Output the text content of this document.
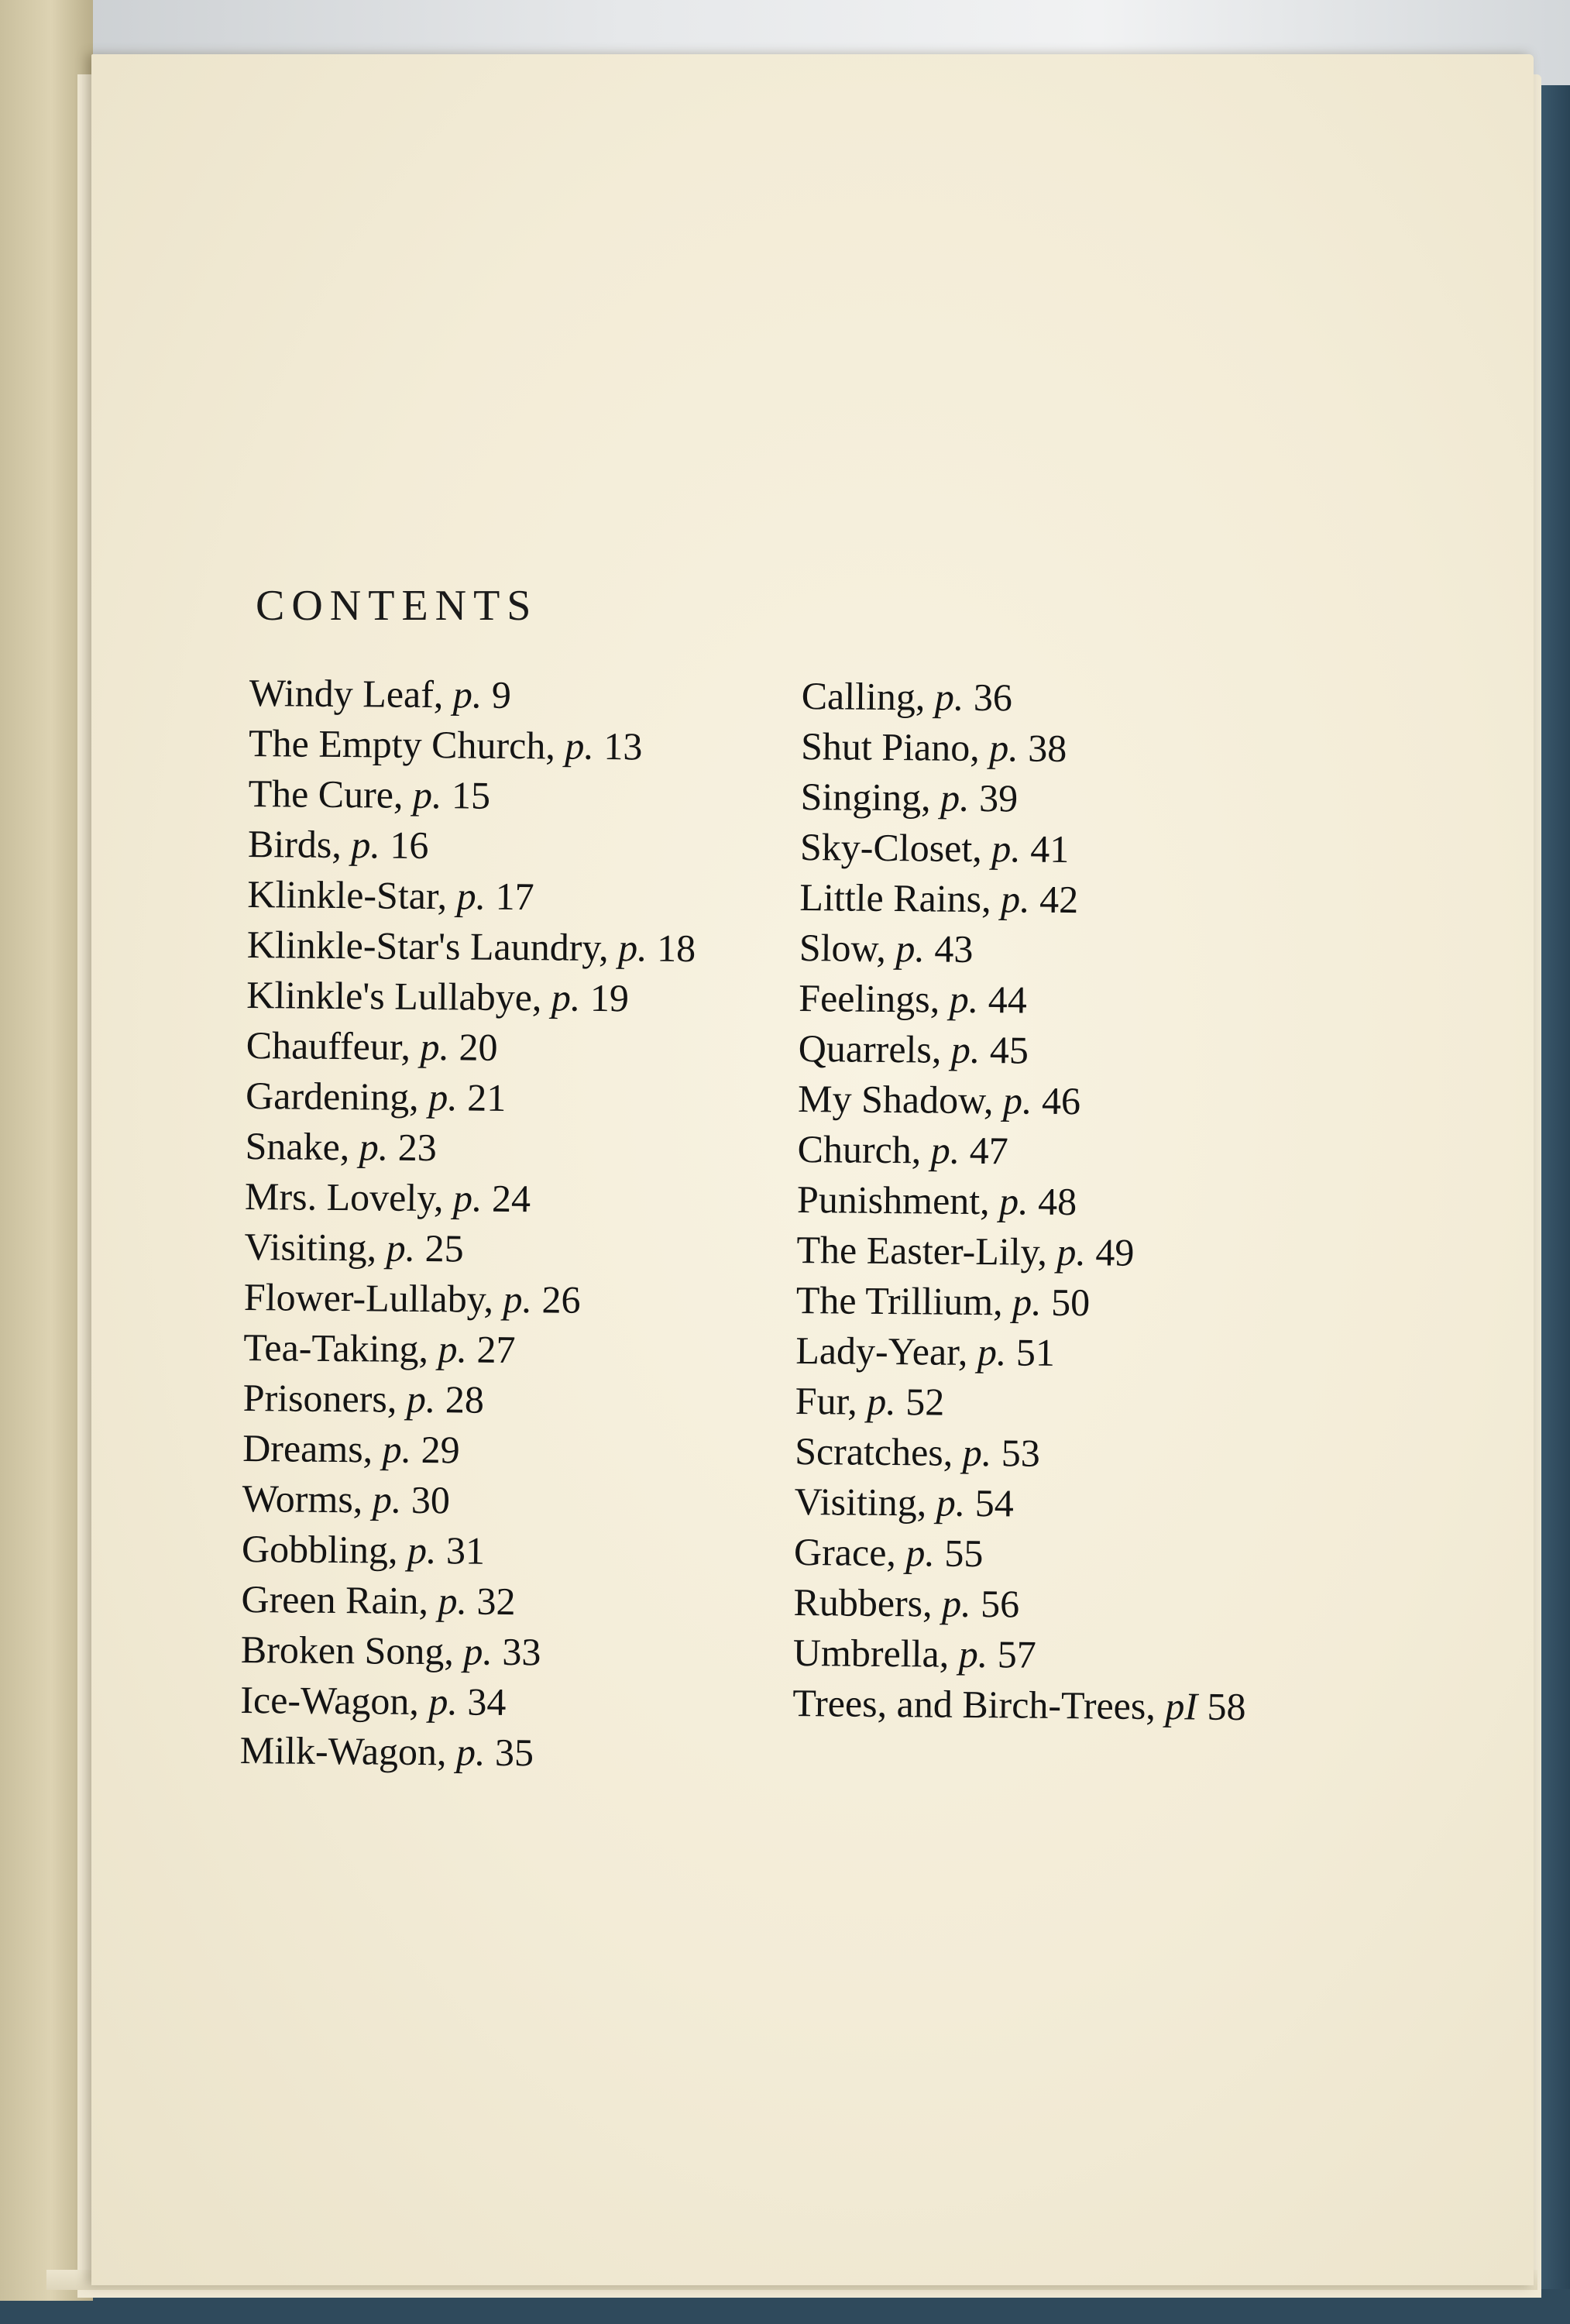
CONTENTS
Windy Leaf, p. 9
The Empty Church, p. 13
The Cure, p. 15
Birds, p. 16
Klinkle-Star, p. 17
Klinkle-Star's Laundry, p. 18
Klinkle's Lullabye, p. 19
Chauffeur, p. 20
Gardening, p. 21
Snake, p. 23
Mrs. Lovely, p. 24
Visiting, p. 25
Flower-Lullaby, p. 26
Tea-Taking, p. 27
Prisoners, p. 28
Dreams, p. 29
Worms, p. 30
Gobbling, p. 31
Green Rain, p. 32
Broken Song, p. 33
Ice-Wagon, p. 34
Milk-Wagon, p. 35
Calling, p. 36
Shut Piano, p. 38
Singing, p. 39
Sky-Closet, p. 41
Little Rains, p. 42
Slow, p. 43
Feelings, p. 44
Quarrels, p. 45
My Shadow, p. 46
Church, p. 47
Punishment, p. 48
The Easter-Lily, p. 49
The Trillium, p. 50
Lady-Year, p. 51
Fur, p. 52
Scratches, p. 53
Visiting, p. 54
Grace, p. 55
Rubbers, p. 56
Umbrella, p. 57
Trees, and Birch-Trees, pI 58
